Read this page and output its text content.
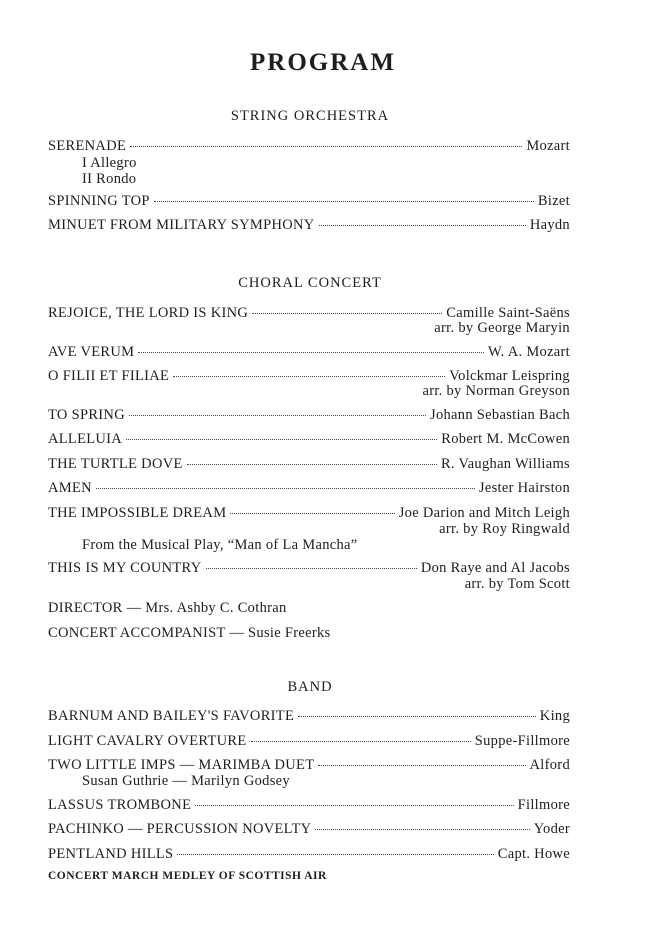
PROGRAM
STRING ORCHESTRA
SERENADE	Mozart
I Allegro
II Rondo
SPINNING TOP	Bizet
MINUET FROM MILITARY SYMPHONY	Haydn
CHORAL CONCERT
REJOICE, THE LORD IS KING	Camille Saint-Saëns
arr. by George Maryin
AVE VERUM	W. A. Mozart
O FILII ET FILIAE	Volckmar Leispring
arr. by Norman Greyson
TO SPRING	Johann Sebastian Bach
ALLELUIA	Robert M. McCowen
THE TURTLE DOVE	R. Vaughan Williams
AMEN	Jester Hairston
THE IMPOSSIBLE DREAM	Joe Darion and Mitch Leigh
arr. by Roy Ringwald
From the Musical Play, “Man of La Mancha”
THIS IS MY COUNTRY	Don Raye and Al Jacobs
arr. by Tom Scott
DIRECTOR — Mrs. Ashby C. Cothran
CONCERT ACCOMPANIST — Susie Freerks
BAND
BARNUM AND BAILEY'S FAVORITE	King
LIGHT CAVALRY OVERTURE	Suppe-Fillmore
TWO LITTLE IMPS — MARIMBA DUET	Alford
Susan Guthrie — Marilyn Godsey
LASSUS TROMBONE	Fillmore
PACHINKO — PERCUSSION NOVELTY	Yoder
PENTLAND HILLS	Capt. Howe
CONCERT MARCH MEDLEY OF SCOTTISH AIR
